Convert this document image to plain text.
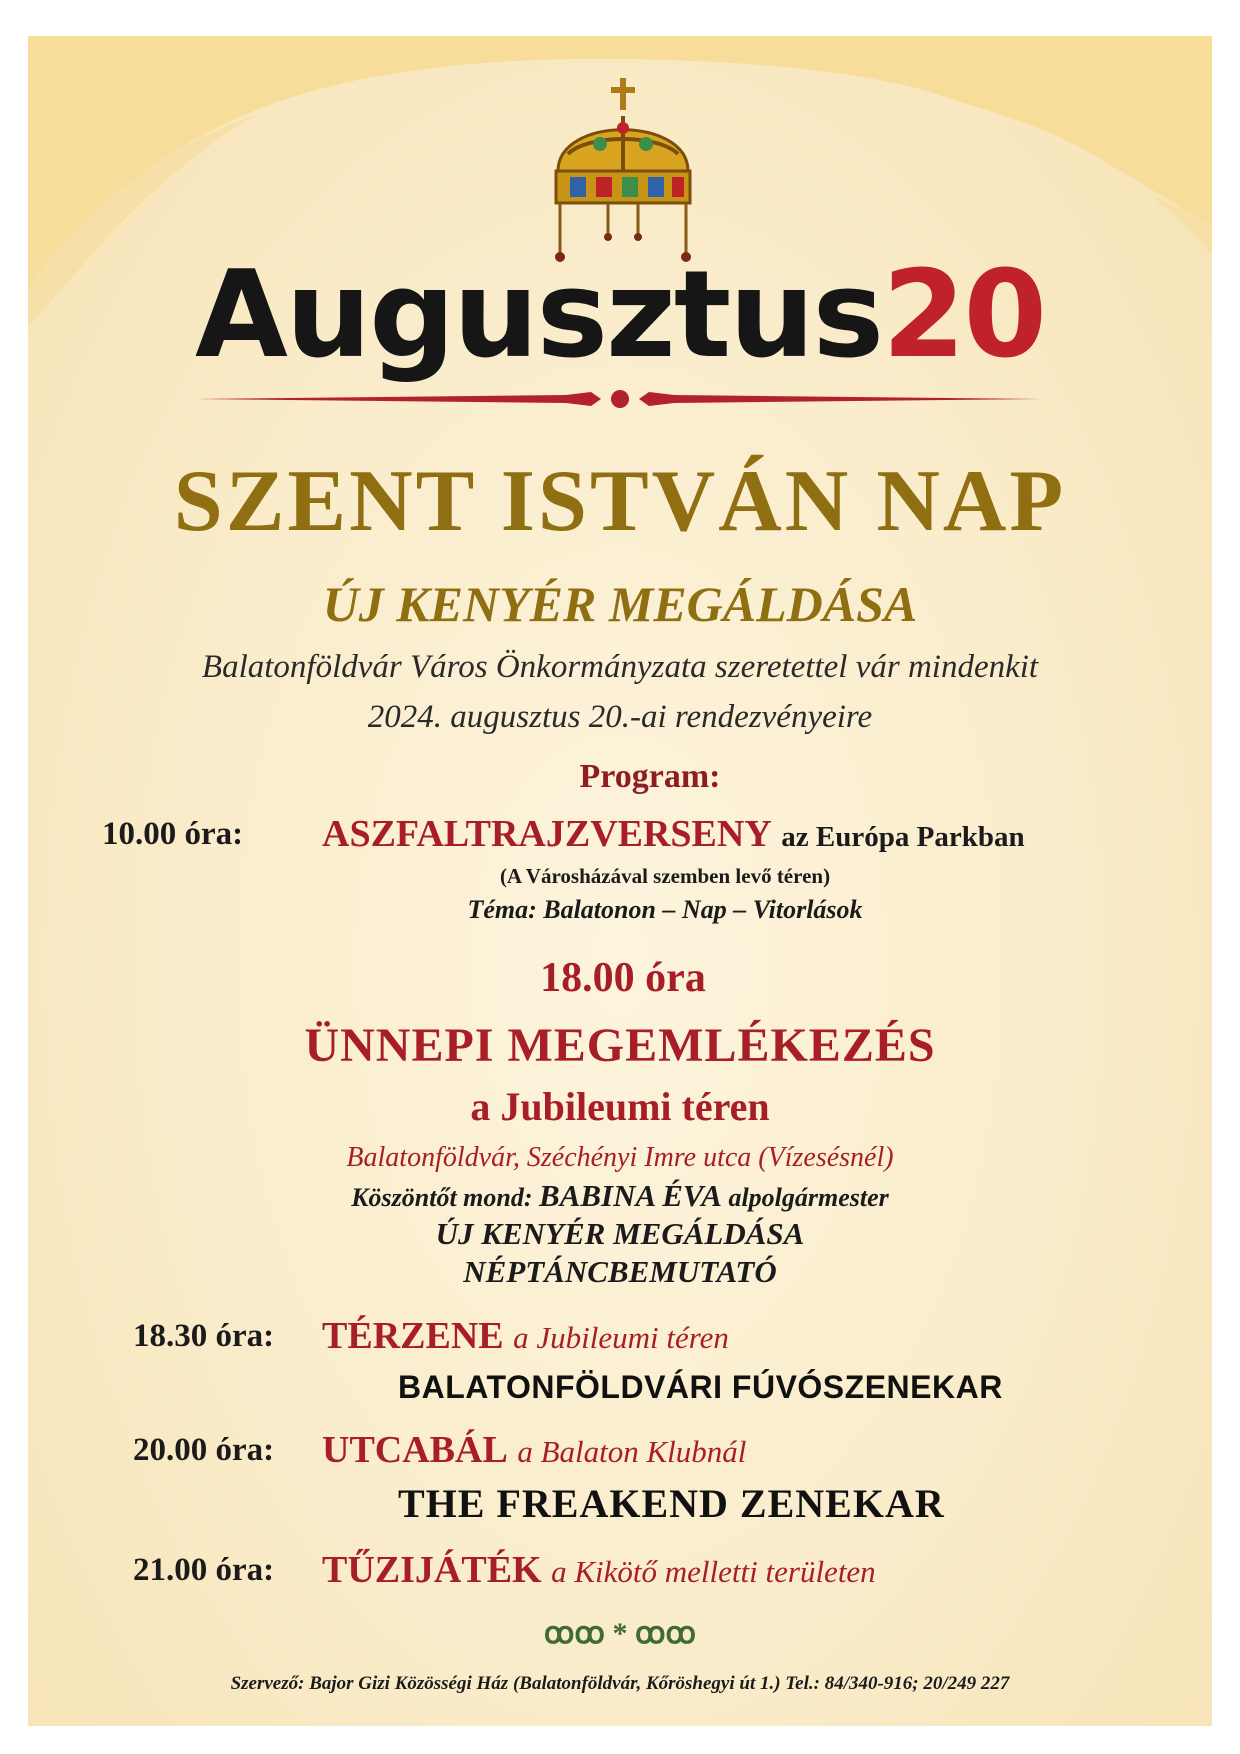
Augusztus20
SZENT ISTVÁN NAP
ÚJ KENYÉR MEGÁLDÁSA
Balatonföldvár Város Önkormányzata szeretettel vár mindenkit
2024. augusztus 20.-ai rendezvényeire
Program:
10.00 óra: ASZFALTRAJZVERSENY az Európa Parkban
(A Városházával szemben levő téren)
Téma: Balatonon – Nap – Vitorlások
18.00 óra
ÜNNEPI MEGEMLÉKEZÉS
a Jubileumi téren
Balatonföldvár, Széchényi Imre utca (Vízesésnél)
Köszöntőt mond: BABINA ÉVA alpolgármester
ÚJ KENYÉR MEGÁLDÁSA
NÉPTÁNCBEMUTATÓ
18.30 óra: TÉRZENE a Jubileumi téren
BALATONFÖLDVÁRI FÚVÓSZENEKAR
20.00 óra: UTCABÁL a Balaton Klubnál
THE FREAKEND ZENEKAR
21.00 óra: TŰZIJÁTÉK a Kikötő melletti területen
ꝏꝏ * ꝏꝏ
Szervező: Bajor Gizi Közösségi Ház (Balatonföldvár, Kőröshegyi út 1.) Tel.: 84/340-916; 20/249 227
